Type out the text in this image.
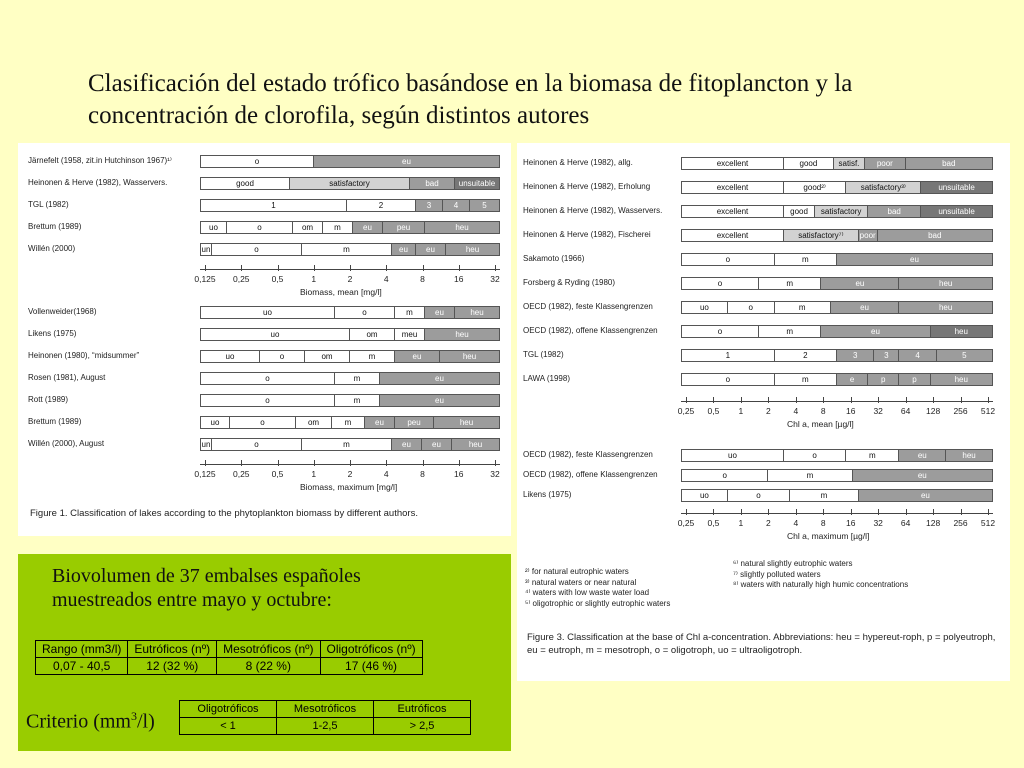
Clasificación del estado trófico basándose en la biomasa de fitoplancton y la
concentración de clorofila, según distintos autores
Järnefelt (1958, zit.in Hutchinson 1967)¹⁾	o	eu
Heinonen & Herve (1982), Wasservers.	good	satisfactory	bad	unsuitable
TGL (1982)	1	2	3	4	5
Brettum (1989)	uo	o	om	m	eu	peu	heu
Willén (2000)	un	o	m	eu	eu	heu
0,125 0,25	0,5	1	2	4	8	16	32
Biomass, mean [mg/l]
Vollenweider(1968)	uo	o	m	eu	heu
Likens (1975)	uo	om	meu	heu
Heinonen (1980), “midsummer”	uo	o	om	m	eu	heu
Rosen (1981), August	o	m	eu
Rott (1989)	o	m	eu
Brettum (1989)	uo	o	om	m	eu	peu	heu
Willén (2000), August	un	o	m	eu	eu	heu
0,125 0,25	0,5	1	2	4	8	16	32
Biomass, maximum [mg/l]
Figure 1. Classification of lakes according to the phytoplankton biomass by different authors.
Heinonen & Herve (1982), allg.	excellent	good	satisf.	poor	bad
Heinonen & Herve (1982), Erholung	excellent	good²⁾	satisfactory³⁾	unsuitable
Heinonen & Herve (1982), Wasservers.	excellent	good	satisfactory	bad	unsuitable
Heinonen & Herve (1982), Fischerei	excellent	satisfactory⁷⁾	poor	bad
Sakamoto (1966)	o	m	eu
Forsberg & Ryding (1980)	o	m	eu	heu
OECD (1982), feste Klassengrenzen	uo	o	m	eu	heu
OECD (1982), offene Klassengrenzen	o	m	eu	heu
TGL (1982)	1	2	3	3	4	5
LAWA (1998)	o	m	e	p	p	heu
0,25 0,5 1	2	4	8 16 32 64 128 256 512
Chl a, mean [µg/l]
OECD (1982), feste Klassengrenzen	uo	o	m	eu	heu
OECD (1982), offene Klassengrenzen	o	m	eu
Likens (1975)	uo	o	m	eu
0,25 0,5 1	2	4	8 16 32 64 128 256 512
Chl a, maximum [µg/l]
²⁾ for natural eutrophic waters
³⁾ natural waters or near natural
⁴⁾ waters with low waste water load
⁵⁾ oligotrophic or slightly eutrophic waters
⁶⁾ natural slightly eutrophic waters
⁷⁾ slightly polluted waters
⁸⁾ waters with naturally high humic concentrations
Figure 3. Classification at the base of Chl a-concentration. Abbreviations: heu = hypereut-roph, p = polyeutroph, eu = eutroph, m = mesotroph, o = oligotroph, uo = ultraoligotroph.
Biovolumen de 37 embalses españoles
muestreados entre mayo y octubre:
Rango (mm3/l)	Eutróficos (nº)	Mesotróficos (nº)	Oligotróficos (nº)
0,07 - 40,5	12 (32 %)	8 (22 %)	17 (46 %)
Criterio $(mm^3/l)$
Oligotróficos	Mesotróficos	Eutróficos
< 1	1-2,5	> 2,5
